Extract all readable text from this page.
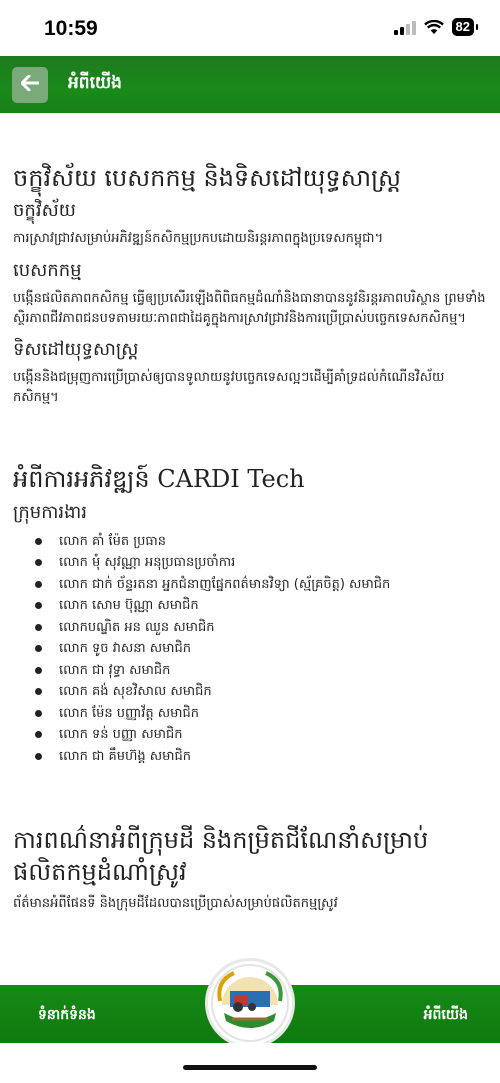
10:59	82
អំពីយើង
ចក្ខុវិស័យ បេសកកម្ម និងទិសដៅយុទ្ធសាស្ត្រ
ចក្ខុវិស័យ
ការស្រាវជ្រាវសម្រាប់អភិវឌ្ឍន៍កសិកម្មប្រកបដោយនិរន្តរភាពក្នុងប្រទេសកម្ពុជា។
បេសកកម្ម
បង្កើនផលិតភាពកសិកម្ម ធ្វើឲ្យប្រសើរឡើងពិពិធកម្មដំណាំនិងធានាបាននូវនិរន្តរភាពបរិស្ថាន ព្រមទាំងស្ថិរភាពជីវភាពជនបទតាមរយៈភាពជាដៃគូក្នុងការស្រាវជ្រាវនិងការប្រើប្រាស់បច្ចេកទេសកសិកម្ម។
ទិសដៅយុទ្ធសាស្ត្រ
បង្កើននិងជម្រុញការប្រើប្រាស់ឲ្យបានទូលាយនូវបច្ចេកទេសល្អៗដើម្បីគាំទ្រដល់កំណើនវិស័យកសិកម្ម។
អំពីការអភិវឌ្ឍន៍ CARDI Tech
ក្រុមការងារ
លោក គាំ ម៉ែត ប្រធាន
លោក មុំ សុវណ្ណា អនុប្រធានប្រចាំការ
លោក ជាក់ ច័ន្ទរតនា អ្នកជំនាញផ្នែកពត៌មានវិទ្យា (ស្ម័គ្រចិត្ត) សមាជិក
លោក សោម ប៊ុណ្ណា សមាជិក
លោកបណ្ឌិត អន ឈួន សមាជិក
លោក ទូច វាសនា សមាជិក
លោក ជា វុទ្ធា សមាជិក
លោក គង់ សុខវិសាល សមាជិក
លោក ម៉ែន បញ្ញាវ័ត្ត សមាជិក
លោក ទន់ បញ្ញា សមាជិក
លោក ជា គឹមហ៊ង្គ សមាជិក
ការពណ៌នាអំពីក្រុមដី និងកម្រិតជីណែនាំសម្រាប់ផលិតកម្មដំណាំស្រូវ
ព័ត៌មានអំពីផែនទី និងក្រុមដីដែលបានប្រើប្រាស់សម្រាប់ផលិតកម្មស្រូវ
ទំនាក់ទំនង	អំពីយើង
